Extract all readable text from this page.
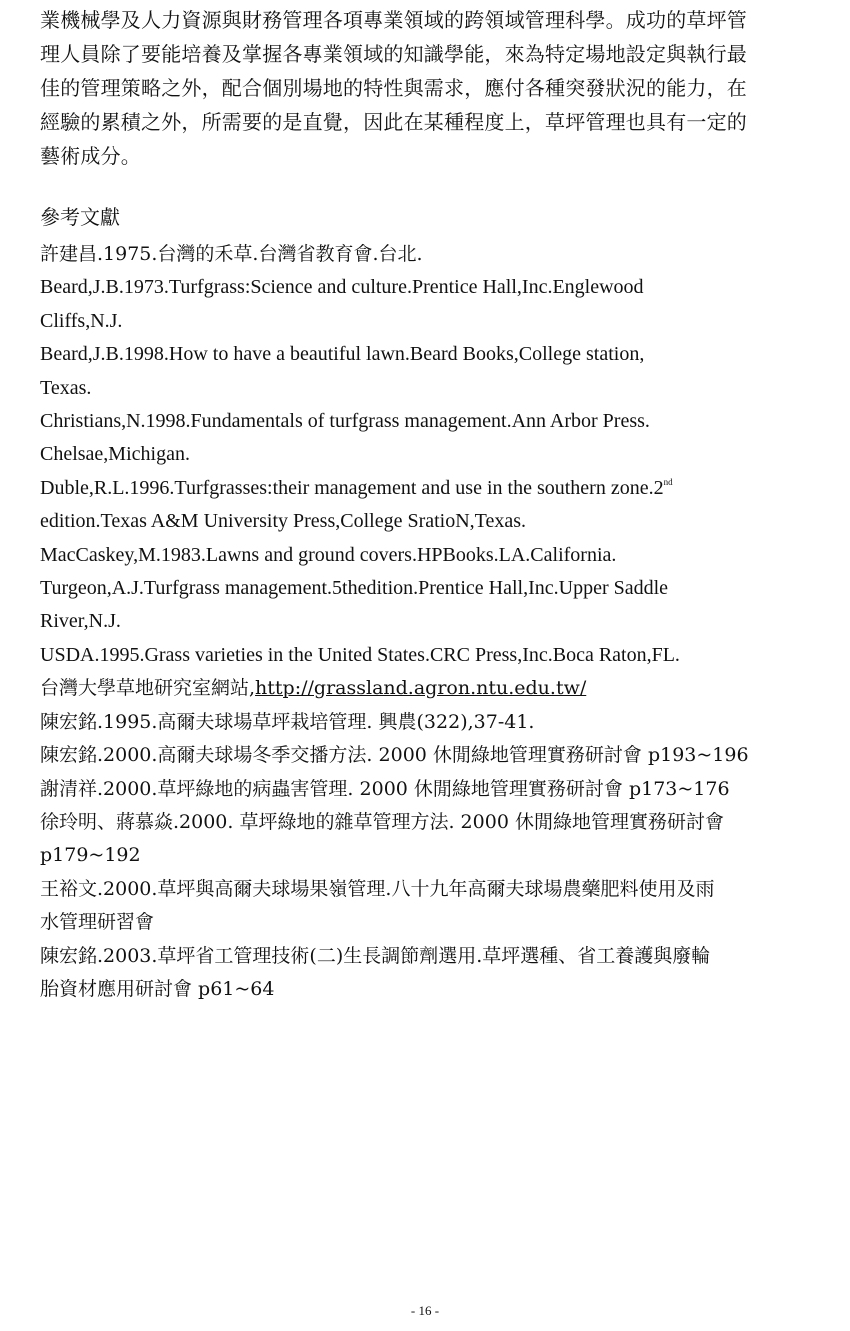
業機械學及人力資源與財務管理各項專業領域的跨領域管理科學。成功的草坪管
理人員除了要能培養及掌握各專業領域的知識學能，來為特定場地設定與執行最
佳的管理策略之外，配合個別場地的特性與需求，應付各種突發狀況的能力，在
經驗的累積之外，所需要的是直覺，因此在某種程度上，草坪管理也具有一定的
藝術成分。
參考文獻

許建昌.1975.台灣的禾草.台灣省教育會.台北.

Beard,J.B.1973.Turfgrass:Science and culture.Prentice Hall,Inc.Englewood

Cliffs,N.J.

Beard,J.B.1998.How to have a beautiful lawn.Beard Books,College station,

Texas.

Christians,N.1998.Fundamentals of turfgrass management.Ann Arbor Press.

Chelsae,Michigan.

Duble,R.L.1996.Turfgrasses:their management and use in the southern zone.2nd

edition.Texas A&M University Press,College SratioN,Texas.

MacCaskey,M.1983.Lawns and ground covers.HPBooks.LA.California.

Turgeon,A.J.Turfgrass management.5thedition.Prentice Hall,Inc.Upper Saddle

River,N.J.

USDA.1995.Grass varieties in the United States.CRC Press,Inc.Boca Raton,FL.

台灣大學草地研究室網站,http://grassland.agron.ntu.edu.tw/

陳宏銘.1995.高爾夫球場草坪栽培管理. 興農(322),37-41.

陳宏銘.2000.高爾夫球場冬季交播方法. 2000 休閒綠地管理實務研討會 p193~196

謝清祥.2000.草坪綠地的病蟲害管理. 2000 休閒綠地管理實務研討會 p173~176

徐玲明、蔣慕焱.2000. 草坪綠地的雜草管理方法. 2000 休閒綠地管理實務研討會

p179~192

王裕文.2000.草坪與高爾夫球場果嶺管理.八十九年高爾夫球場農藥肥料使用及雨

水管理研習會

陳宏銘.2003.草坪省工管理技術(二)生長調節劑選用.草坪選種、省工養護與廢輪

胎資材應用研討會 p61~64

- 16 -
